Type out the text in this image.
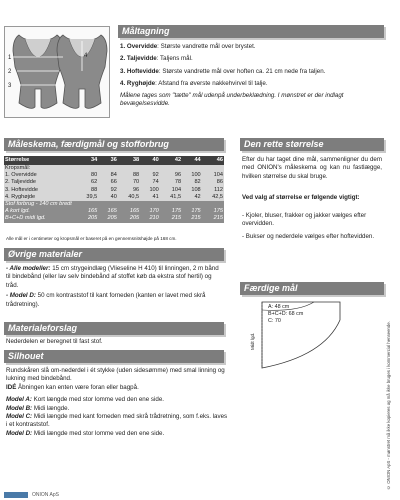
1
2
3
4
Måltagning
1. Overvidde: Største vandrette mål over brystet.
2. Taljevidde: Taljens mål.
3. Hoftevidde: Største vandrette mål over hoften ca. 21 cm nede fra taljen.
4. Ryghøjde: Afstand fra øverste nakkehvirvel til talje.
Målene tages som "tætte" mål udenpå underbeklædning. I mønstret er der indlagt bevægelsesvidde.
Måleskema, færdigmål og stofforbrug
Størrelse	34	36	38	40	42	44	46
Kropsmål:							
1. Overvidde	80	84	88	92	96	100	104
2. Taljevidde	62	66	70	74	78	82	86
3. Hoftevidde	88	92	96	100	104	108	112
4. Ryghøjde	39,5	40	40,5	41	41,5	42	42,5
Stof forbrug - 140 cm bredt							
A kort lgd.	165	165	165	170	175	175	175
B+C+D midi lgd.	205	205	205	210	215	215	215
Alle mål er i centimeter og kropsmål er baseret på en gennemsnitshøjde på 168 cm.
Den rette størrelse
Efter du har taget dine mål, sammenligner du dem med ONION's måleskema og kan nu fastlægge, hvilken størrelse du skal bruge.
Ved valg af størrelse er følgende vigtigt:
- Kjoler, bluser, frakker og jakker vælges efter overvidden.
- Bukser og nederdele vælges efter hoftevidden.
Færdige mål
A: 48 cm
B+C+D: 68 cm
C: 70
Midt lgd.
Øvrige materialer
- Alle modeller: 15 cm strygeindlæg (Vlieseline H 410) til linningen, 2 m bånd til bindebånd (eller lav selv bindebånd af stoffet køb da ekstra stof hertil) og tråd.
- Model D: 50 cm kontraststof til kant forneden (kanten er lavet med skrå trådretning).
Materialeforslag
Nederdelen er beregnet til fast stof.
Silhouet
Rundskåren slå om-nederdel i ét stykke (uden sidesømme) med smal linning og lukning med bindebånd.
IDÉ Åbningen kan enten være foran eller bagpå.
Model A: Kort længde med stor lomme ved den ene side.
Model B: Midi længde.
Model C: Midi længde med kant forneden med skrå trådretning, som f.eks. laves i et kontraststof.
Model D: Midi længde med stor lomme ved den ene side.	© ONION ApS - mønstret må ikke kopieres og må ikke bruges i kommercial henseende.
ONION ApS
